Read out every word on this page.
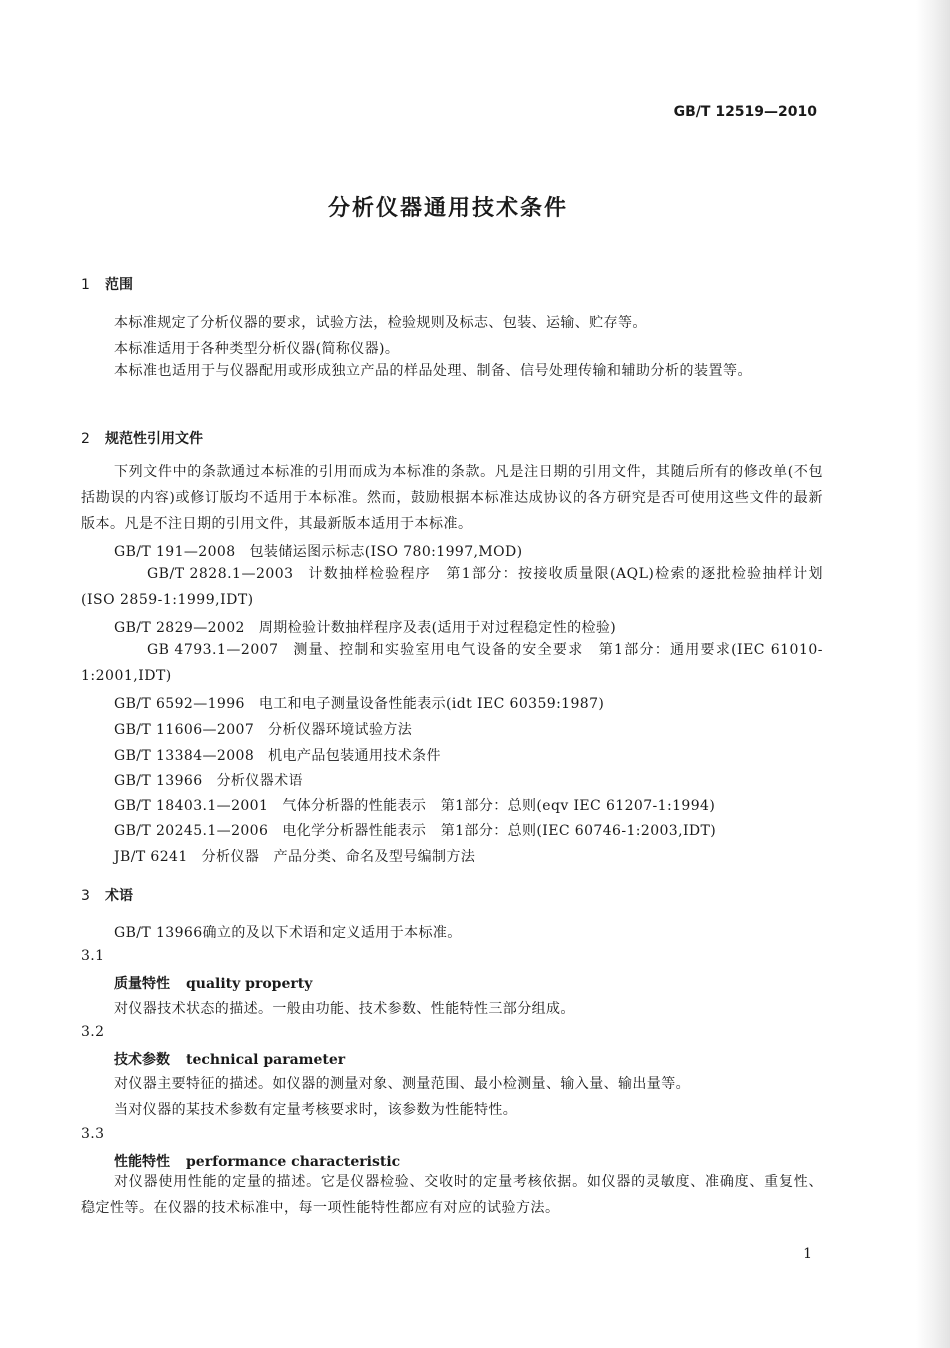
GB/T 12519—2010
分析仪器通用技术条件
1 范围
本标准规定了分析仪器的要求，试验方法，检验规则及标志、包装、运输、贮存等。
本标准适用于各种类型分析仪器(简称仪器)。
本标准也适用于与仪器配用或形成独立产品的样品处理、制备、信号处理传输和辅助分析的装置等。
2 规范性引用文件
下列文件中的条款通过本标准的引用而成为本标准的条款。凡是注日期的引用文件，其随后所有的修改单(不包括勘误的内容)或修订版均不适用于本标准。然而，鼓励根据本标准达成协议的各方研究是否可使用这些文件的最新版本。凡是不注日期的引用文件，其最新版本适用于本标准。
GB/T 191—2008 包装储运图示标志(ISO 780:1997,MOD)
GB/T 2828.1—2003 计数抽样检验程序　第1部分：按接收质量限(AQL)检索的逐批检验抽样计划(ISO 2859-1:1999,IDT)
GB/T 2829—2002 周期检验计数抽样程序及表(适用于对过程稳定性的检验)
GB 4793.1—2007 测量、控制和实验室用电气设备的安全要求　第1部分：通用要求(IEC 61010-1:2001,IDT)
GB/T 6592—1996 电工和电子测量设备性能表示(idt IEC 60359:1987)
GB/T 11606—2007 分析仪器环境试验方法
GB/T 13384—2008 机电产品包装通用技术条件
GB/T 13966 分析仪器术语
GB/T 18403.1—2001 气体分析器的性能表示　第1部分：总则(eqv IEC 61207-1:1994)
GB/T 20245.1—2006 电化学分析器性能表示　第1部分：总则(IEC 60746-1:2003,IDT)
JB/T 6241 分析仪器　产品分类、命名及型号编制方法
3 术语
GB/T 13966确立的及以下术语和定义适用于本标准。
3.1
质量特性 quality property
对仪器技术状态的描述。一般由功能、技术参数、性能特性三部分组成。
3.2
技术参数 technical parameter
对仪器主要特征的描述。如仪器的测量对象、测量范围、最小检测量、输入量、输出量等。
当对仪器的某技术参数有定量考核要求时，该参数为性能特性。
3.3
性能特性 performance characteristic
对仪器使用性能的定量的描述。它是仪器检验、交收时的定量考核依据。如仪器的灵敏度、准确度、重复性、稳定性等。在仪器的技术标准中，每一项性能特性都应有对应的试验方法。
1
